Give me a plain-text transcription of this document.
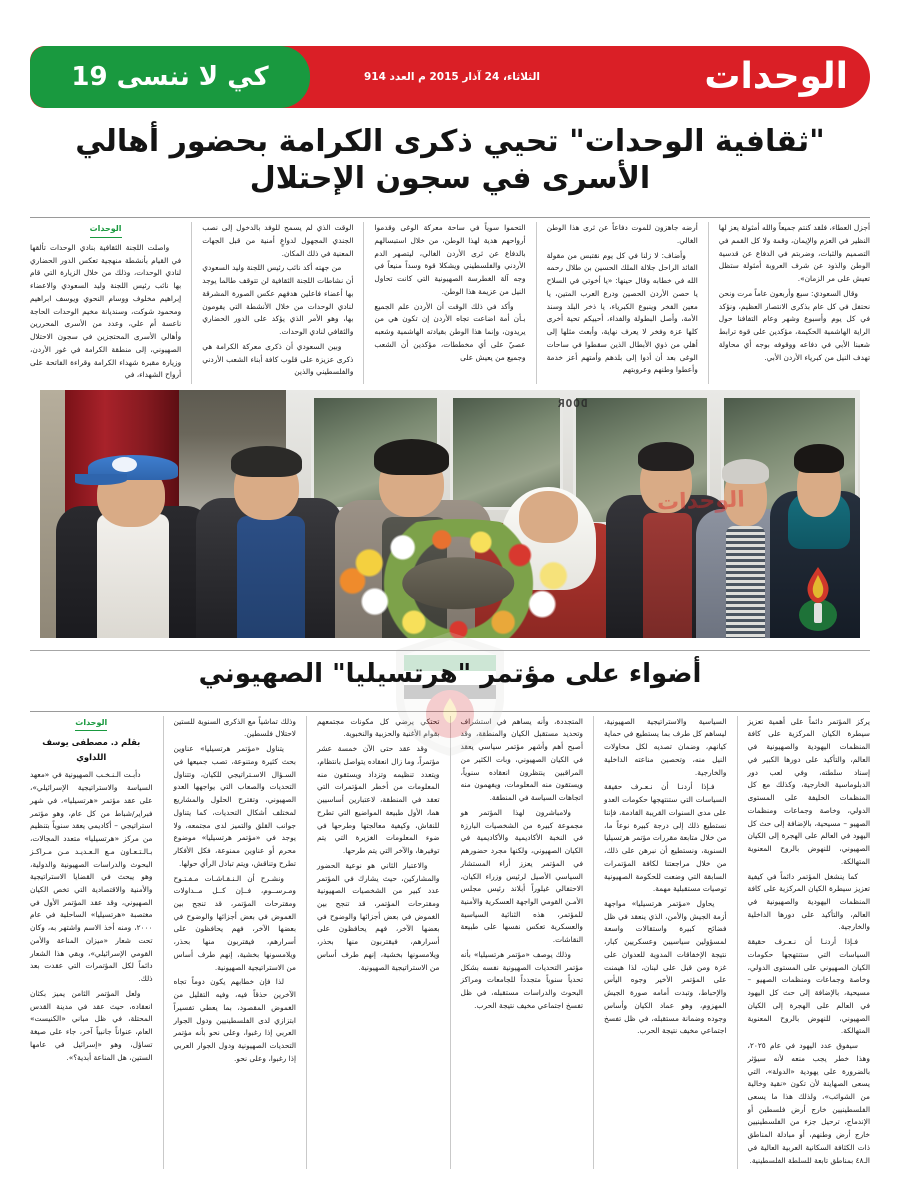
الوحدات
الثلاثاء، 24 آذار 2015 م العدد 914
كي لا ننسى 19
"ثقافية الوحدات" تحيي ذكرى الكرامة بحضور أهالي الأسرى في سجون الإحتلال

أجزل العطاء، فلقد كنتم جميعاً والله أمثولة يعز لها النظير في العزم والإيمان، وقمة ولا كل القمم في التصميم والثبات، وضربتم في الدفاع عن قدسية الوطن والذود عن شرف العروبة أمثولة ستظل تعيش على مر الزمان».

وقال السعودي: سبع وأربعون عاماً مرت ونحن نحتفل في كل عام بذكرى الانتصار العظيم، ونؤكد في كل يوم وأسبوع وشهر وعام التفافنا حول الراية الهاشمية الحكيمة، مؤكدين على قوة ترابط شعبنا الأبي في دفاعه ووقوفه بوجه أي محاولة تهدف النيل من كبرياء الأردن الأبي.

أرضه جاهزون للموت دفاعاً عن ثرى هذا الوطن الغالي.

وأضاف: لا زلنا في كل يوم نقتبس من مقولة القائد الراحل جلالة الملك الحسين بن طلال رحمه الله في خطابه وقال حينها: «يا أخوتي في السلاح يا حصن الأردن الحصين ودرع العرب المتين، يا معين الفخر وينبوع الكبرياء، يا ذخر البلد وسند الأمة، وأصل البطولة والفداء، أحييكم تحية أخرى كلها عزة وفخر لا يعرف نهاية، وأبعث مثلها إلى أهلي من ذوي الأبطال الذين سقطوا في ساحات الوغى بعد أن أدوا إلى بلدهم وأمتهم أعز خدمة وأعطوا وطنهم وعروبتهم

التحموا سوياً في ساحة معركة الوغى وقدموا أرواحهم هدية لهذا الوطن، من خلال استبسالهم بالدفاع عن ثرى الأردن الغالي، ليتصهر الدم الأردني والفلسطيني ويشكلا قوة وسداً منيعاً في وجه آلة الغطرسة الصهيونية التي كانت تحاول النيل من عزيمة هذا الوطن.

وأكد في ذلك الوقت أن الأردن علم الجميع بـأن أمة اضاعت تجاه الأردن إن تكون هي من يريدون، وإنما هذا الوطن بقيادته الهاشمية وشعبه عصيٌ على أي مخططات، مؤكدين أن الشعب وجميع من يعيش على

الوقت الذي لم يسمح للوفد بالدخول إلى نصب الجندي المجهول لدواعٍ أمنية من قبل الجهات المعنية في ذلك المكان.

من جهته أكد نائب رئيس اللجنة وليد السعودي أن نشاطات اللجنة الثقافية لن تتوقف طالما يوجد بها أعضاء فاعلين هدفهم عكس الصورة المشرقة لنادي الوحدات من خلال الأنشطة التي يقومون بها، وهو الأمر الذي يؤكد على الدور الحضاري والثقافي لنادي الوحدات.

وبين السعودي أن ذكرى معركة الكرامة هي ذكرى عزيزة على قلوب كافة أبناء الشعب الأردني والفلسطيني والذين

الوحدات

واصلت اللجنة الثقافية بنادي الوحدات تألقها في القيام بأنشطة منهجية تعكس الدور الحضاري لنادي الوحدات، وذلك من خلال الزيارة التي قام بها نائب رئيس اللجنة وليد السعودي والاعضاء إبراهيم مخلوف ووسام النحوي ويوسف ابراهيم ومحمود شوكت، وسنديانة مخيم الوحدات الحاجة ناعسة أم علي، وعدد من الأسرى المحررين وأهالي الأسرى المحتجزين في سجون الاحتلال الصهيوني، إلى منطقة الكرامة في غور الأردن، وزيارة مقبرة شهداء الكرامة وقراءة الفاتحة على أرواح الشهداء، في

DOOR
الوحدات
أضواء على مؤتمر "هرتسيليا" الصهيوني

يركز المؤتمر دائماً على أهمية تعزيز سيطرة الكيان المركزية على كافة المنظمات اليهودية والصهيونية في العالم، والتأكيد على دورها الكبير في إسناد سلطته، وفي لعب دور الدبلوماسية الخارجية، وكذلك مع كل المنظمات الحليفة على المستوى الدولي، وخاصة وجماعات ومنظمات الصهيو – مسيحية، بالإضافة إلى حث كل اليهود في العالم على الهجرة إلى الكيان الصهيوني، للنهوض بالروح المعنوية المتهالكة.

كما ينشغل المؤتمر دائماً في كيفية تعزيز سيطرة الكيان المركزية على كافة المنظمات اليهودية والصهيونية في العالم، والتأكيد على دورها الداخلية والخارجية.

فـإذا أردنـا أن نـعـرف حقيقة السياسات التي ستنتهجها حكومات الكيان الصهيوني على المستوى الدولي، وخاصة وجماعات ومنظمات الصهيو – مسيحية، بالإضافة إلى حث كل اليهود في العالم على الهجرة إلى الكيان الصهيوني، للنهوض بالروح المعنوية المتهالكة.

سيفوق عدد اليهود في عام ٢٠٢٥، وهذا خطر يجب منعه لأنه سيؤثر بالضرورة على يهودية «الدولة»، التي يسعى الصهاينة لأن تكون «نقية وخالية من الشوائب»، ولذلك هذا ما يسعى الفلسطينيين خارج أرض فلسطين أو الإندماج، ترحيل جزء من الفلسطينيين خارج أرض وطنهم، أو مبادلة المناطق ذات الكثافة السكانية العربية العالية في الـ٤٨ بمناطق تابعة للسلطة الفلسطينية.

السياسية والاستراتيجية الصهيونية، ليساهم كل طرف بما يستطيع في حماية كيانهم، وضمان تصديه لكل محاولات النيل منه، وتحصين مناعته الداخلية والخارجية.

فـإذا أردنـا أن نـعـرف حقيقة السياسات التي ستنتهجها حكومات العدو على مدى السنوات القريبة القادمة، فإننا نستطيع ذلك إلى درجة كبيرة نوعاً ما، من خلال متابعة مقررات مؤتمر هرتسيليا السنوية، ونستطيع أن نبرهن على ذلك، من خلال مراجعتنا لكافة المؤتمرات السابقة التي وضعت للحكومة الصهيونية توصيات مستقبلية مهمة.

يحاول «مؤتمر هرتسيليا» مواجهة أزمة الجيش والأمن، الذي ينعقد في ظل فضائح كبيرة واستقالات واسعة لمسؤولين سياسيين وعسكريين كبار، نتيجة الإخفاقات المدوية للعدوان على غزة ومن قبل على لبنان، لذا هيمنت على المؤتمر الأخير وجوه اليأس والإحباط، وتبدت أمامه صورة الجيش المهزوم، وهو عماد الكيان وأساس وجوده وضمانة مستقبله، في ظل تفسخ اجتماعي مخيف نتيجة الحرب.

المتجددة، وأنه يساهم في استشراف وتحديد مستقبل الكيان والمنطقة، وقد أصبح أهم وأشهر مؤتمر سياسي يعقد في الكيان الصهيوني، وبات الكثير من المراقبين ينتظرون انعقاده سنوياً، ويستقون منه المعلومات، ويفهمون منه اتجاهات السياسة في المنطقة.

ولامباشرون لهذا المؤتمر هو مجموعة كبيرة من الشخصيات البارزة في النخبة الأكاديمية والأكاديمية في الكيان الصهيوني، ولكنها مجرد حضورهم في المؤتمر يعزز أراء المستشار السياسي الأصيل لرئيس وزراء الكيان، الاحتفالي غيلوراً أبلاند رئيس مجلس الأمـن القومي الواجهة العسكرية والأمنية للمؤتمر، هذه الثنائية السياسية والعسكرية تعكس نفسها على طبيعة النقاشات.

وذلك يوصف «مؤتمر هرتسيليا» بأنه مؤتمر التحديات الصهيونية نفسه بشكل تحدياً سنوياً متجدداً للجامعات ومراكز البحوث والدراسات مستقبله، في ظل تفسخ اجتماعي مخيف نتيجة الحرب.

تحتكي يرضي كل مكونات مجتمعهم بقوام الأغنية والحزبية والنخبوية.

وقد عقد حتى الآن خمسة عشر مؤتمراً، وما زال انعقاده يتواصل بانتظام، ويتعدد تنظيمه وتزداد ويستقون منه المعلومات من أخطر المؤتمرات التي تعقد في المنطقة، لاعتبارين أساسيين هما، الأول طبيعة المواضيع التي تطرح للنقاش، وكيفية معالجتها وطرحها في ضوء المعلومات الغزيرة التي يتم توفيرها، والآخر التي يتم طرحها.

والاعتبار الثاني هو نوعية الحضور والمشاركين، حيث يشارك في المؤتمر عدد كبير من الشخصيات الصهيونية ومقترحات المؤتمر، قد تنجح بين الغموض في بعض أجزائها والوضوح في بعضها الآخر، فهم يحافظون على أسرارهم، فيقتربون منها بحذر، ويلامسونها بخشية، إنهم طرف أساس من الاستراتيجية الصهيونية.

وذلك تماشياً مع الذكرى السنوية للستين لاحتلال فلسطين.

يتناول «مؤتمر هرتسيليا» عناوين بحث كثيرة ومتنوعة، تصب جميعها في السـؤال الاسـتراتيجي للكيان، وتتناول التحديات والصعاب التي يواجهها العدو الصهيوني، وتقترح الحلول والمشاريع لمختلف أشكال التحديات، كما يتناول جوانب القلق والتميز لدى مجتمعه، ولا يوجد في «مؤتمر هرتسيليا» موضوع محرم أو عناوين ممنوعة، فكل الأفكار تطرح وتناقش، ويتم تبادل الرأي حولها.

ونشـرح أن الـنـقـاشـات مـفـتـوح ومـرســوم، فــإن كــل مــداولات ومقترحات المؤتمر، قد تنجح بين الغموض في بعض أجزائها والوضوح في بعضها الآخر، فهم يحافظون على أسرارهم، فيقتربون منها بحذر، ويلامسونها بخشية، إنهم طرف أساس من الاستراتيجية الصهيونية.

لذا فإن خطابهم يكون دوماً تجاه الآخرين حذقاً فيه، وفيه التقليل من الغموض المقصود، بما يعطي تفسيراً ابتزازي لدى الفلسطينيين ودول الجوار العربي إذا رغبوا، وعلى نحو بأنه مؤتمر التحديات الصهيونية ودول الجوار العربي إذا رغبوا، وعلى نحو.

الوحدات
بقلم د. مصطفى يوسف اللداوي

دأبـت الـنـخـب الصهيونية في «معهد السياسة والاستراتيجية الإسرائيلي»، على عقد مؤتمر «هرتسيليا»، في شهر فبراير/شباط من كل عام، وهو مؤتمر استراتيجي – أكاديمي يعقد سنوياً بتنظيم من مركز «هرتسيليا» متعدد المجالات، بـالـتـعـاون مـع الـعـديـد مـن مـراكـز البحوث والدراسات الصهيونية والدولية، وهو يبحث في القضايا الاستراتيجية والأمنية والاقتصادية التي تخص الكيان الصهيوني، وقد عقد المؤتمر الأول في مغتصبة «هرتسيليا» الساحلية في عام ٢٠٠٠، ومنه أخذ الاسم واشتهر به، وكان تحت شعار «ميزان المناعة والأمن القومي الإسرائيلي»، وبقي هذا الشعار دائماً لكل المؤتمرات التي عقدت بعد ذلك.

ولعل المؤتمر الثامن يميز بكثان انعقاده، حيث عقد في مدينة القدس المحتلة، في ظل مباني «الكنيست» العام، عنواناً جانبياً آخر، جاء على صيغة تساؤل، وهو «إسرائيل في عامها الستين، هل المناعة أبدية؟».
